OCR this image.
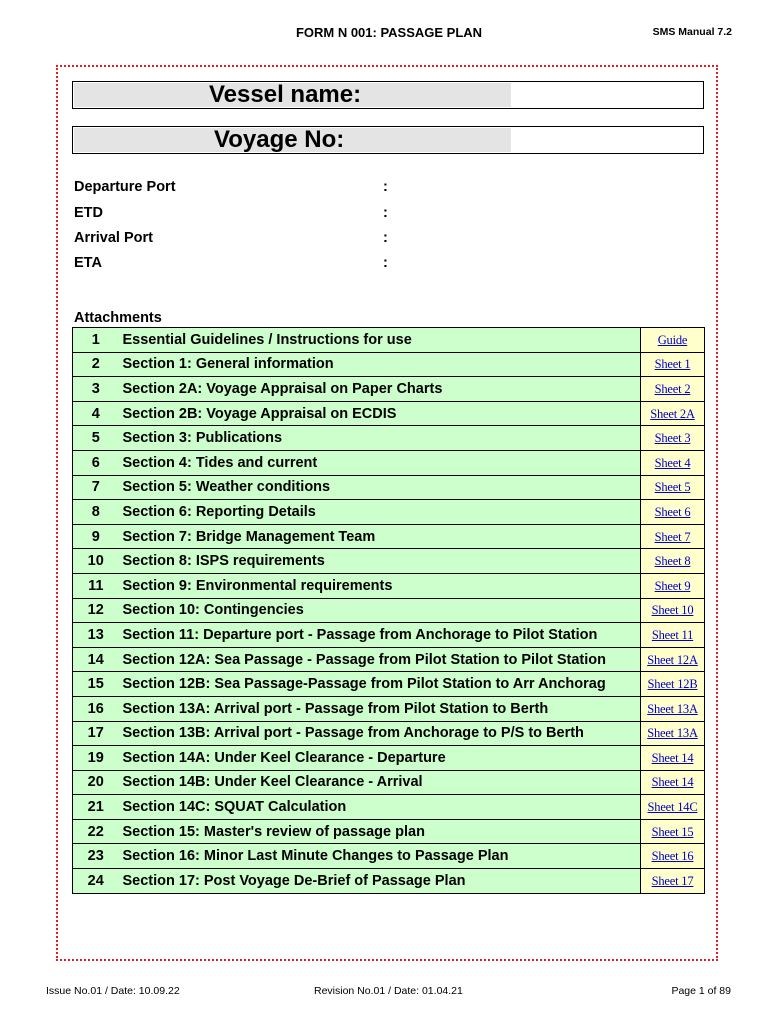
FORM N 001: PASSAGE PLAN	SMS Manual 7.2
Vessel name:
Voyage No:
Departure Port	:
ETD	:
Arrival Port	:
ETA	:
Attachments
1	Essential Guidelines / Instructions for use	Guide
2	Section 1: General information	Sheet 1
3	Section 2A: Voyage Appraisal on Paper Charts	Sheet 2
4	Section 2B: Voyage Appraisal on ECDIS	Sheet 2A
5	Section 3: Publications	Sheet 3
6	Section 4: Tides and current	Sheet 4
7	Section 5: Weather conditions	Sheet 5
8	Section 6: Reporting Details	Sheet 6
9	Section 7: Bridge Management Team	Sheet 7
10	Section 8: ISPS requirements	Sheet 8
11	Section 9: Environmental requirements	Sheet 9
12	Section 10: Contingencies	Sheet 10
13	Section 11: Departure port - Passage from Anchorage to Pilot Station	Sheet 11
14	Section 12A: Sea Passage - Passage from Pilot Station to Pilot Station	Sheet 12A
15	Section 12B: Sea Passage-Passage from Pilot Station to Arr Anchorag	Sheet 12B
16	Section 13A: Arrival port - Passage from Pilot Station to Berth	Sheet 13A
17	Section 13B: Arrival port - Passage from Anchorage to P/S to Berth	Sheet 13A
19	Section 14A: Under Keel Clearance - Departure	Sheet 14
20	Section 14B: Under Keel Clearance - Arrival	Sheet 14
21	Section 14C: SQUAT Calculation	Sheet 14C
22	Section 15: Master's review of passage plan	Sheet 15
23	Section 16: Minor Last Minute Changes to Passage Plan	Sheet 16
24	Section 17: Post Voyage De-Brief of Passage Plan	Sheet 17
Issue No.01 / Date: 10.09.22	Revision No.01 / Date: 01.04.21	Page 1 of 89
